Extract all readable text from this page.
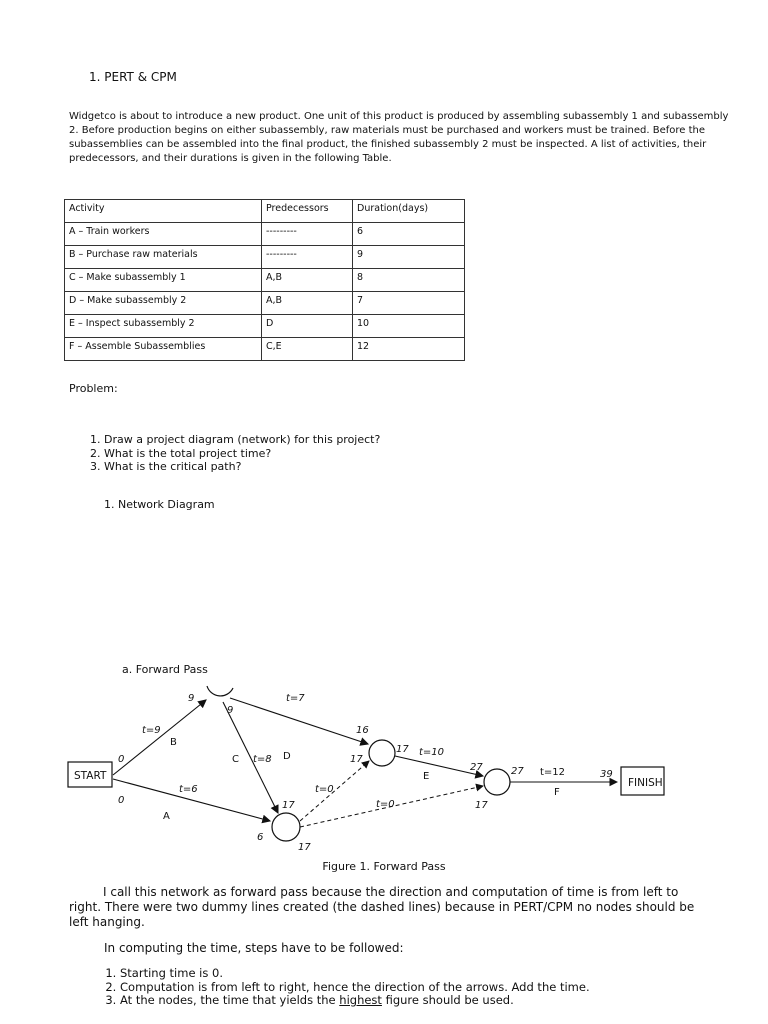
1. PERT & CPM
Widgetco is about to introduce a new product. One unit of this product is produced by assembling subassembly 1 and subassembly 2. Before production begins on either subassembly, raw materials must be purchased and workers must be trained. Before the subassemblies can be assembled into the final product, the finished subassembly 2 must be inspected. A list of activities, their predecessors, and their durations is given in the following Table.
Activity	Predecessors	Duration(days)
A – Train workers	---------	6
B – Purchase raw materials	---------	9
C – Make subassembly 1	A,B	8
D – Make subassembly 2	A,B	7
E – Inspect subassembly 2	D	10
F – Assemble Subassemblies	C,E	12
Problem:
1. Draw a project diagram (network) for this project?
2. What is the total project time?
3. What is the critical path?
1. Network Diagram
a. Forward Pass
START
FINISH
B
A
C	D
E
F
t=9
t=6
t=8
t=7
t=10
t=12
t=0
t=0
0
0
9
9
16
17
17
17
17
6
27	27
17
39
Figure 1. Forward Pass
I call this network as forward pass because the direction and computation of time is from left to right. There were two dummy lines created (the dashed lines) because in PERT/CPM no nodes should be left hanging.
In computing the time, steps have to be followed:
1. Starting time is 0.
2. Computation is from left to right, hence the direction of the arrows. Add the time.
3. At the nodes, the time that yields the highest figure should be used.
